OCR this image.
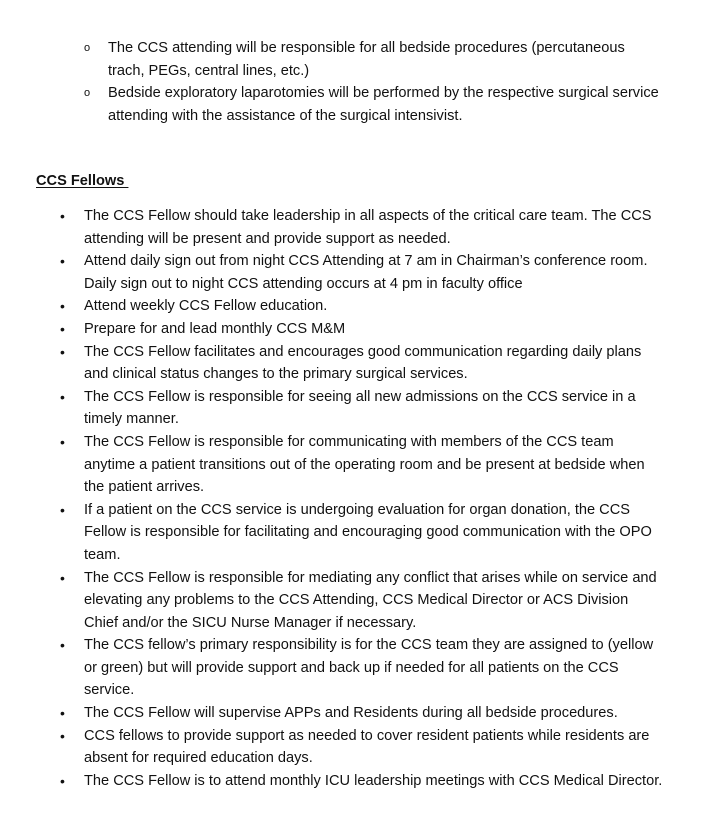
o The CCS attending will be responsible for all bedside procedures (percutaneous trach, PEGs, central lines, etc.)
o Bedside exploratory laparotomies will be performed by the respective surgical service attending with the assistance of the surgical intensivist.
CCS Fellows
• The CCS Fellow should take leadership in all aspects of the critical care team. The CCS attending will be present and provide support as needed.
• Attend daily sign out from night CCS Attending at 7 am in Chairman’s conference room. Daily sign out to night CCS attending occurs at 4 pm in faculty office
• Attend weekly CCS Fellow education.
• Prepare for and lead monthly CCS M&M
• The CCS Fellow facilitates and encourages good communication regarding daily plans and clinical status changes to the primary surgical services.
• The CCS Fellow is responsible for seeing all new admissions on the CCS service in a timely manner.
• The CCS Fellow is responsible for communicating with members of the CCS team anytime a patient transitions out of the operating room and be present at bedside when the patient arrives.
• If a patient on the CCS service is undergoing evaluation for organ donation, the CCS Fellow is responsible for facilitating and encouraging good communication with the OPO team.
• The CCS Fellow is responsible for mediating any conflict that arises while on service and elevating any problems to the CCS Attending, CCS Medical Director or ACS Division Chief and/or the SICU Nurse Manager if necessary.
• The CCS fellow’s primary responsibility is for the CCS team they are assigned to (yellow or green) but will provide support and back up if needed for all patients on the CCS service.
• The CCS Fellow will supervise APPs and Residents during all bedside procedures.
• CCS fellows to provide support as needed to cover resident patients while residents are absent for required education days.
• The CCS Fellow is to attend monthly ICU leadership meetings with CCS Medical Director.
